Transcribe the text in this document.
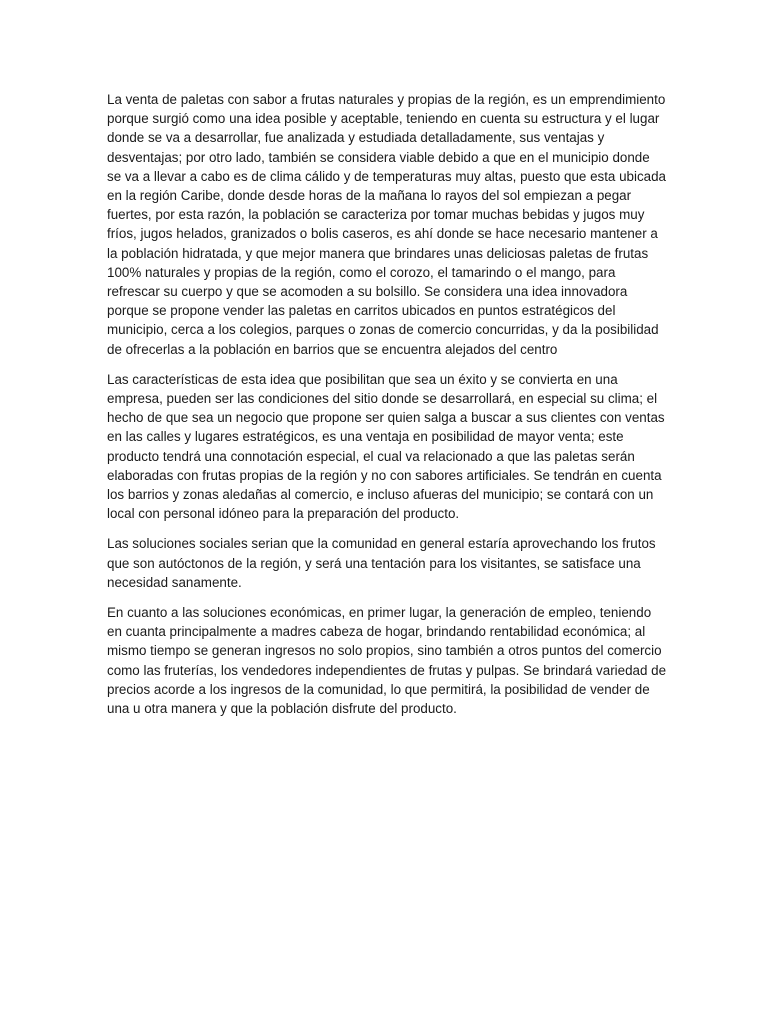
La venta de paletas con sabor a frutas naturales y propias de la región, es un emprendimiento porque surgió como una idea posible y aceptable, teniendo en cuenta su estructura y el lugar donde se va a desarrollar, fue analizada y estudiada detalladamente, sus ventajas y desventajas; por otro lado, también se considera viable debido a que en el municipio donde se va a llevar a cabo es de clima cálido y de temperaturas muy altas, puesto que esta ubicada en la región Caribe, donde desde horas de la mañana lo rayos del sol empiezan a pegar fuertes, por esta razón, la población se caracteriza por tomar muchas bebidas y jugos muy fríos, jugos helados, granizados o bolis caseros, es ahí donde se hace necesario mantener a la población hidratada, y que mejor manera que brindares unas deliciosas paletas de frutas 100% naturales y propias de la región, como el corozo, el tamarindo o el mango, para refrescar su cuerpo y que se acomoden a su bolsillo. Se considera una idea innovadora porque se propone vender las paletas en carritos ubicados en puntos estratégicos del municipio, cerca a los colegios, parques o zonas de comercio concurridas, y da la posibilidad de ofrecerlas a la población en barrios que se encuentra alejados del centro

Las características de esta idea que posibilitan que sea un éxito y se convierta en una empresa, pueden ser las condiciones del sitio donde se desarrollará, en especial su clima; el hecho de que sea un negocio que propone ser quien salga a buscar a sus clientes con ventas en las calles y lugares estratégicos, es una ventaja en posibilidad de mayor venta; este producto tendrá una connotación especial, el cual va relacionado a que las paletas serán elaboradas con frutas propias de la región y no con sabores artificiales. Se tendrán en cuenta los barrios y zonas aledañas al comercio, e incluso afueras del municipio; se contará con un local con personal idóneo para la preparación del producto.

Las soluciones sociales serian que la comunidad en general estaría aprovechando los frutos que son autóctonos de la región, y será una tentación para los visitantes, se satisface una necesidad sanamente.

En cuanto a las soluciones económicas, en primer lugar, la generación de empleo, teniendo en cuanta principalmente a madres cabeza de hogar, brindando rentabilidad económica; al mismo tiempo se generan ingresos no solo propios, sino también a otros puntos del comercio como las fruterías, los vendedores independientes de frutas y pulpas. Se brindará variedad de precios acorde a los ingresos de la comunidad, lo que permitirá, la posibilidad de vender de una u otra manera y que la población disfrute del producto.
